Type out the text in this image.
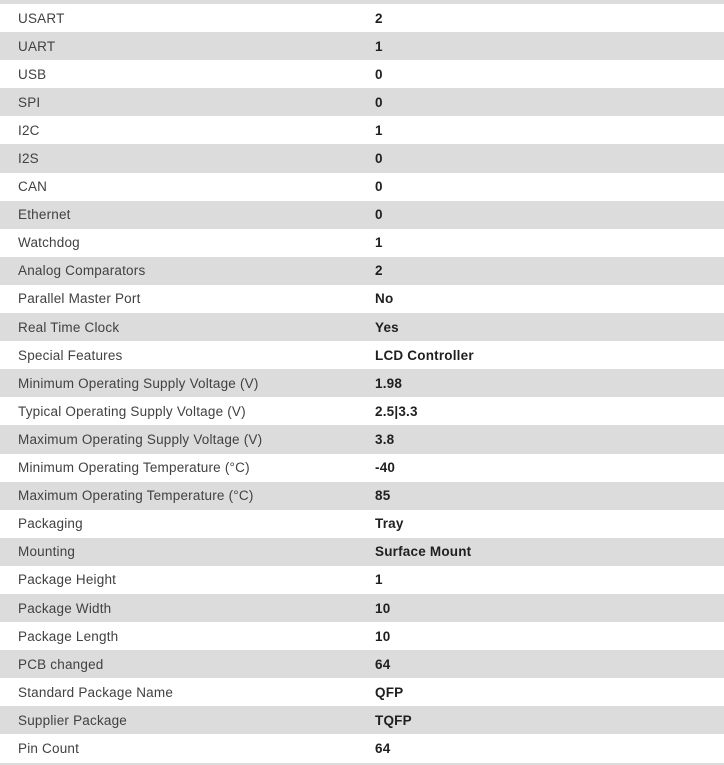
USART	2
UART	1
USB	0
SPI	0
I2C	1
I2S	0
CAN	0
Ethernet	0
Watchdog	1
Analog Comparators	2
Parallel Master Port	No
Real Time Clock	Yes
Special Features	LCD Controller
Minimum Operating Supply Voltage (V)	1.98
Typical Operating Supply Voltage (V)	2.5|3.3
Maximum Operating Supply Voltage (V)	3.8
Minimum Operating Temperature (°C)	-40
Maximum Operating Temperature (°C)	85
Packaging	Tray
Mounting	Surface Mount
Package Height	1
Package Width	10
Package Length	10
PCB changed	64
Standard Package Name	QFP
Supplier Package	TQFP
Pin Count	64
